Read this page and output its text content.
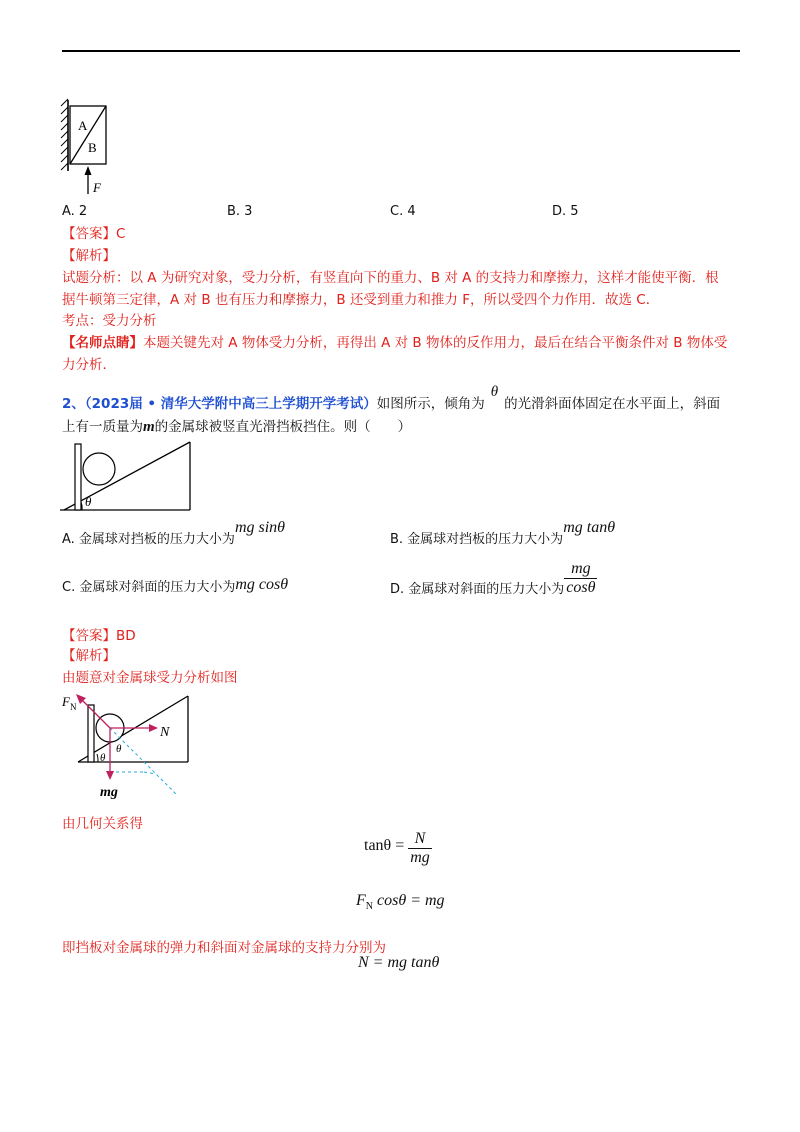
A
B
F
A. 2	B. 3	C. 4	D. 5
【答案】C
【解析】
试题分析：以 A 为研究对象，受力分析，有竖直向下的重力、B 对 A 的支持力和摩擦力，这样才能使平衡．根
据牛顿第三定律，A 对 B 也有压力和摩擦力，B 还受到重力和推力 F，所以受四个力作用．故选 C．
考点：受力分析
【名师点睛】本题关键先对 A 物体受力分析，再得出 A 对 B 物体的反作用力，最后在结合平衡条件对 B 物体受
力分析．
2、（2023届 • 清华大学附中高三上学期开学考试）如图所示，倾角为θ的光滑斜面体固定在水平面上，斜面
上有一质量为m的金属球被竖直光滑挡板挡住。则（　　）
θ
A. 金属球对挡板的压力大小为mg sinθ
B. 金属球对挡板的压力大小为mg tanθ
C. 金属球对斜面的压力大小为mg cosθ	D. 金属球对斜面的压力大小为 $\frac{mg}{\cos\theta}$
【答案】BD
【解析】
由题意对金属球受力分析如图
$F_N$
N
θ
θ
mg
由几何关系得
$\tan\theta = \frac{N}{mg}$
$F_N$ cosθ = mg
即挡板对金属球的弹力和斜面对金属球的支持力分别为
N = mg tanθ
